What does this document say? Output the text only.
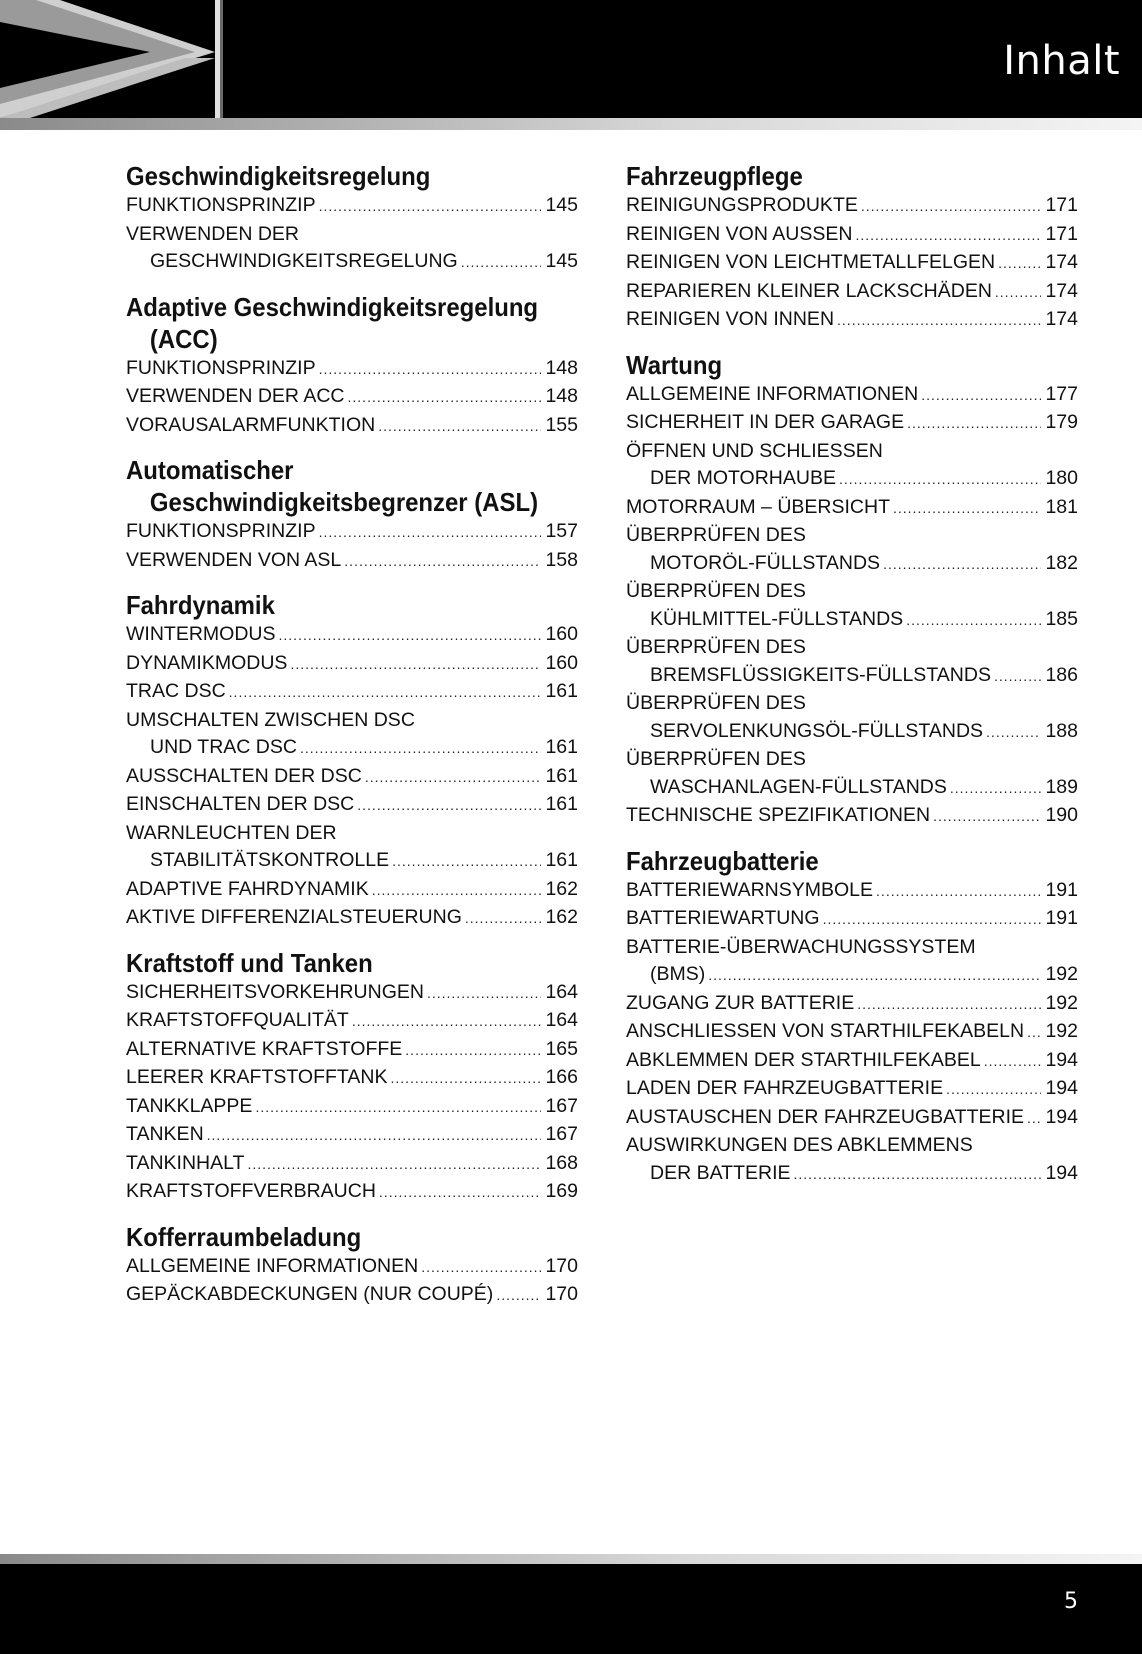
Inhalt
Geschwindigkeitsregelung
FUNKTIONSPRINZIP .....	145
VERWENDEN DER
GESCHWINDIGKEITSREGELUNG .....	145
Adaptive Geschwindigkeitsregelung
(ACC)
FUNKTIONSPRINZIP .....	148
VERWENDEN DER ACC .....	148
VORAUSALARMFUNKTION .....	155
Automatischer
Geschwindigkeitsbegrenzer (ASL)
FUNKTIONSPRINZIP .....	157
VERWENDEN VON ASL .....	158
Fahrdynamik
WINTERMODUS .....	160
DYNAMIKMODUS .....	160
TRAC DSC .....	161
UMSCHALTEN ZWISCHEN DSC
UND TRAC DSC .....	161
AUSSCHALTEN DER DSC .....	161
EINSCHALTEN DER DSC .....	161
WARNLEUCHTEN DER
STABILITÄTSKONTROLLE .....	161
ADAPTIVE FAHRDYNAMIK .....	162
AKTIVE DIFFERENZIALSTEUERUNG .....	162
Kraftstoff und Tanken
SICHERHEITSVORKEHRUNGEN .....	164
KRAFTSTOFFQUALITÄT .....	164
ALTERNATIVE KRAFTSTOFFE .....	165
LEERER KRAFTSTOFFTANK .....	166
TANKKLAPPE .....	167
TANKEN .....	167
TANKINHALT .....	168
KRAFTSTOFFVERBRAUCH .....	169
Kofferraumbeladung
ALLGEMEINE INFORMATIONEN .....	170
GEPÄCKABDECKUNGEN (NUR COUPÉ) .....	170
Fahrzeugpflege
REINIGUNGSPRODUKTE .....	171
REINIGEN VON AUSSEN .....	171
REINIGEN VON LEICHTMETALLFELGEN .....	174
REPARIEREN KLEINER LACKSCHÄDEN .....	174
REINIGEN VON INNEN .....	174
Wartung
ALLGEMEINE INFORMATIONEN .....	177
SICHERHEIT IN DER GARAGE .....	179
ÖFFNEN UND SCHLIESSEN
DER MOTORHAUBE .....	180
MOTORRAUM – ÜBERSICHT .....	181
ÜBERPRÜFEN DES
MOTORÖL-FÜLLSTANDS .....	182
ÜBERPRÜFEN DES
KÜHLMITTEL-FÜLLSTANDS .....	185
ÜBERPRÜFEN DES
BREMSFLÜSSIGKEITS-FÜLLSTANDS .....	186
ÜBERPRÜFEN DES
SERVOLENKUNGSÖL-FÜLLSTANDS .....	188
ÜBERPRÜFEN DES
WASCHANLAGEN-FÜLLSTANDS .....	189
TECHNISCHE SPEZIFIKATIONEN .....	190
Fahrzeugbatterie
BATTERIEWARNSYMBOLE .....	191
BATTERIEWARTUNG .....	191
BATTERIE-ÜBERWACHUNGSSYSTEM
(BMS) .....	192
ZUGANG ZUR BATTERIE .....	192
ANSCHLIESSEN VON STARTHILFEKABELN ..... 192
ABKLEMMEN DER STARTHILFEKABEL .....	194
LADEN DER FAHRZEUGBATTERIE .....	194
AUSTAUSCHEN DER FAHRZEUGBATTERIE ..... 194
AUSWIRKUNGEN DES ABKLEMMENS
DER BATTERIE .....	194
5
